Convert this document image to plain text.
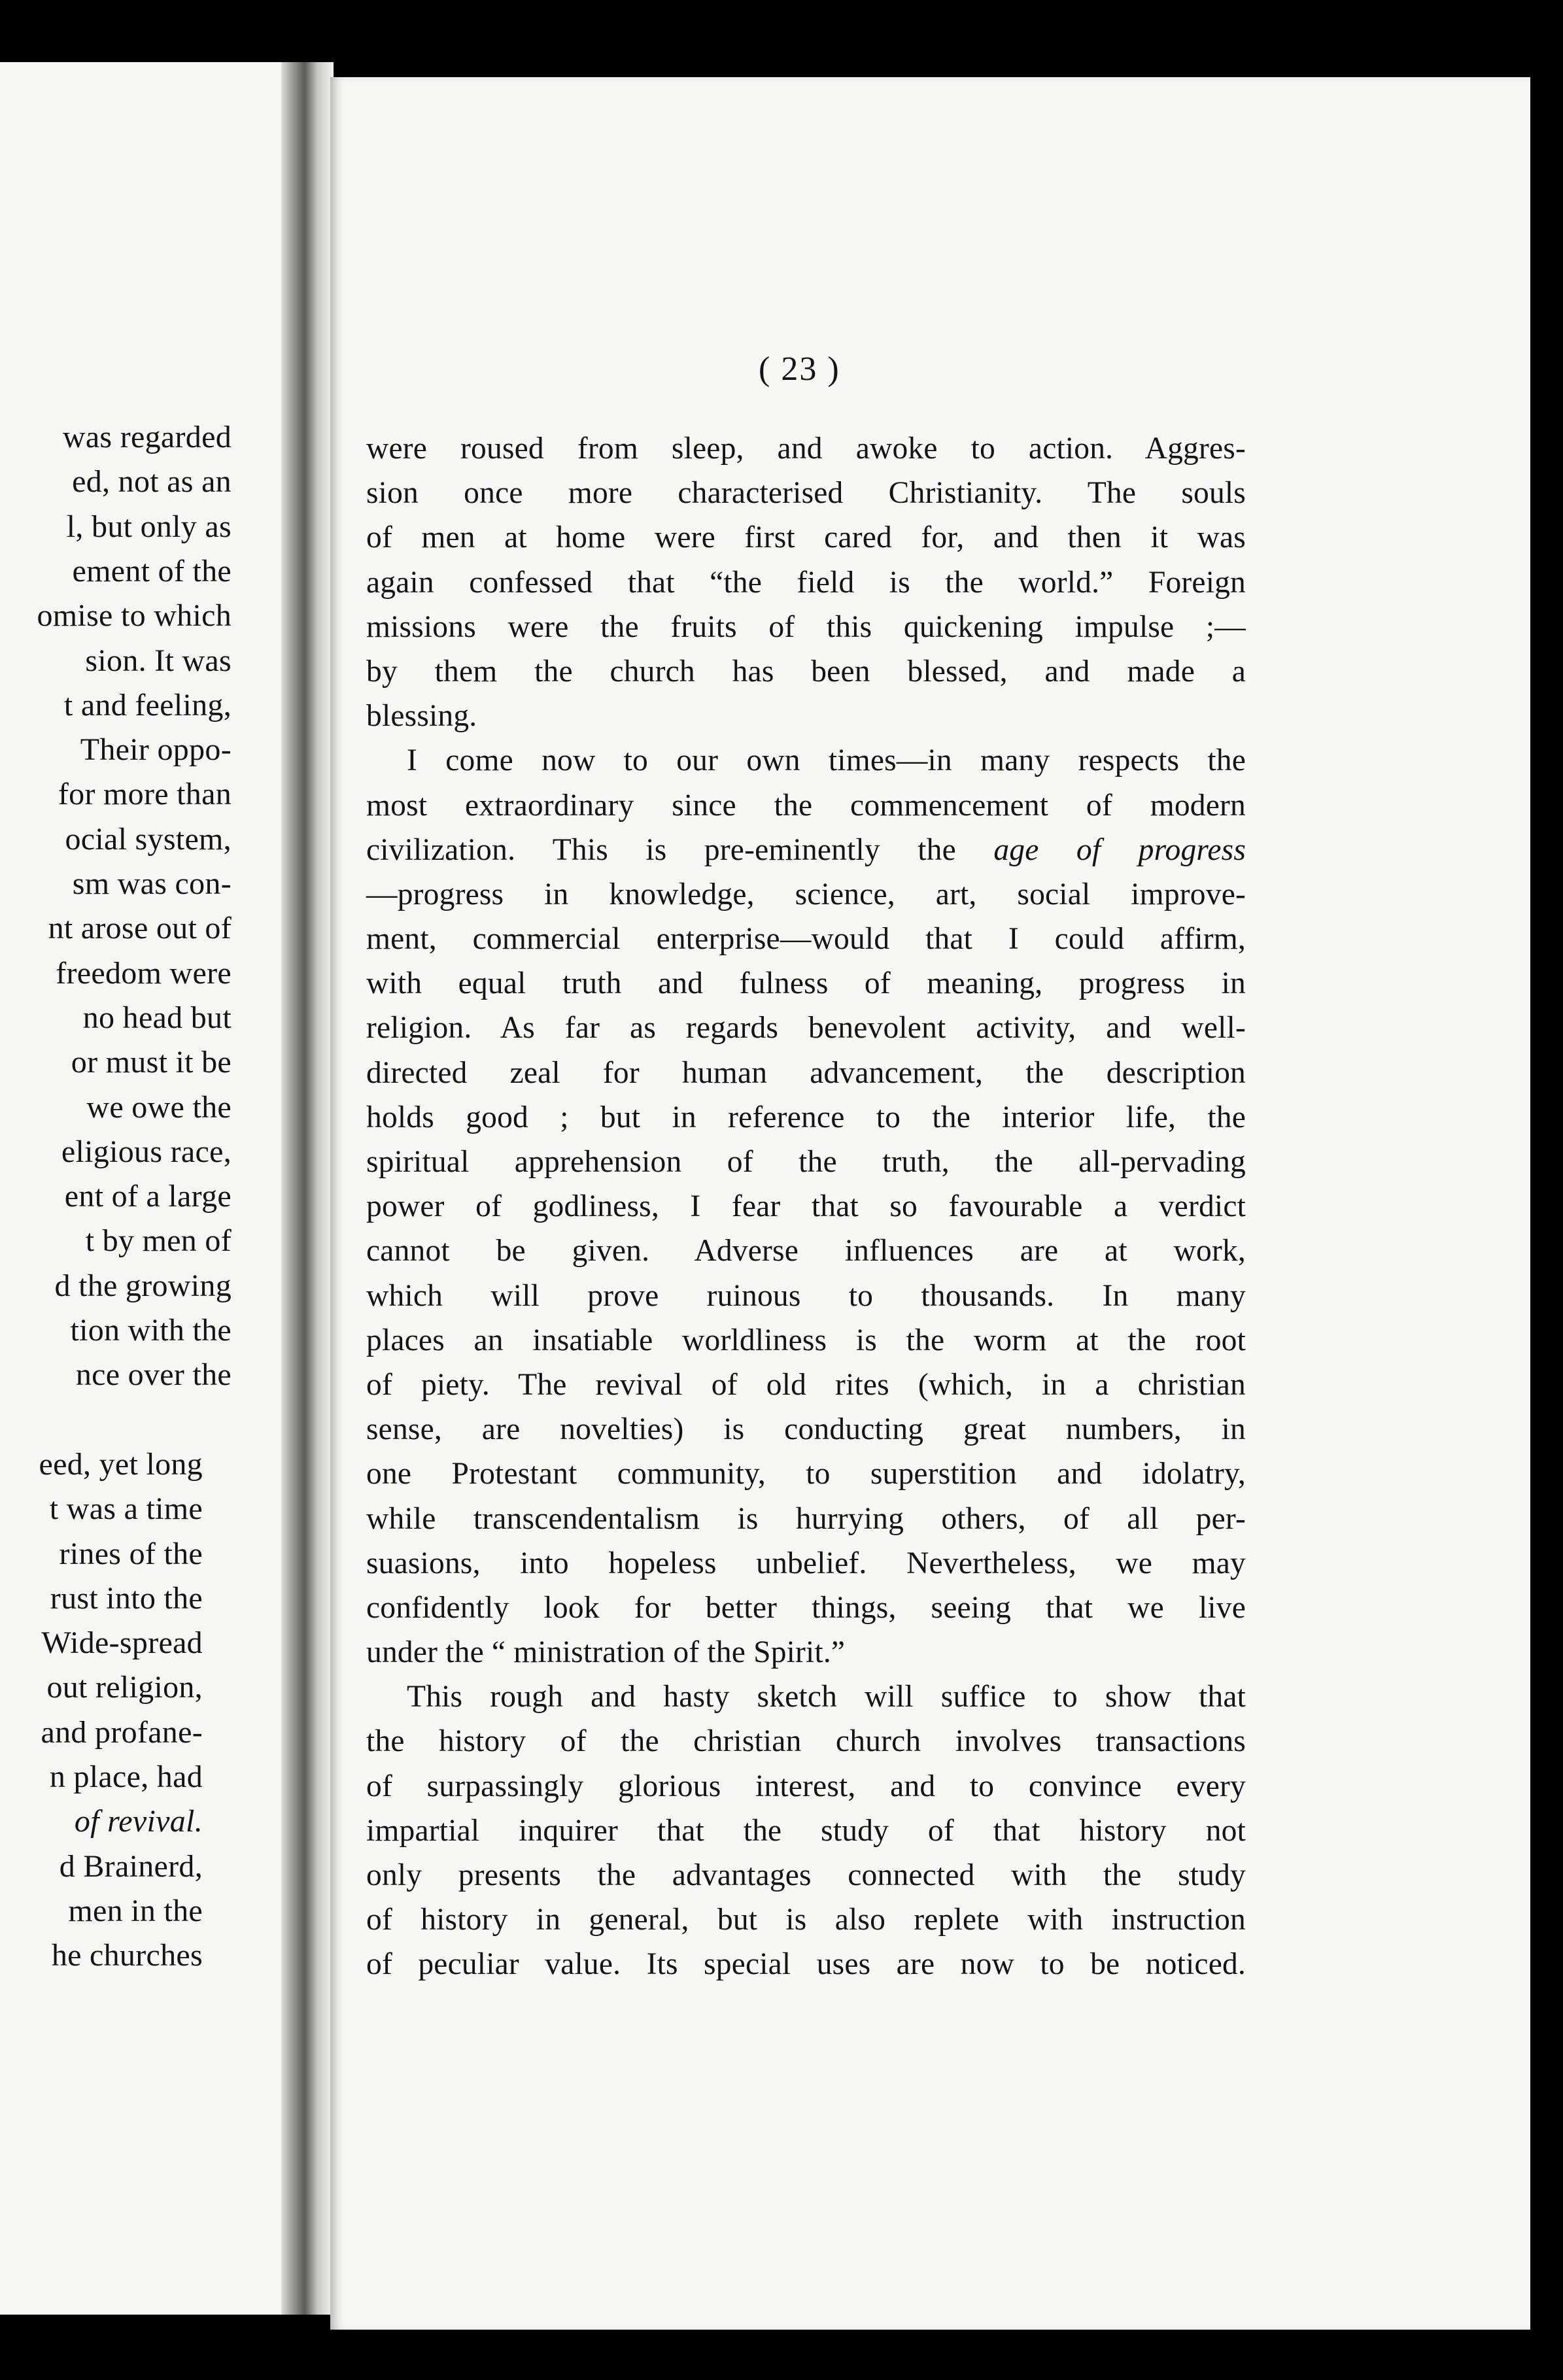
was regarded
ed, not as an
l, but only as
ement of the
omise to which
sion. It was
t and feeling,
Their oppo-
for more than
ocial system,
sm was con-
nt arose out of
freedom were
no head but
or must it be
we owe the
eligious race,
ent of a large
t by men of
d the growing
tion with the
nce over the
eed, yet long
t was a time
rines of the
rust into the
Wide-spread
out religion,
and profane-
n place, had
of revival.
d Brainerd,
men in the
he churches
( 23 )

were roused from sleep, and awoke to action. Aggres-
sion once more characterised Christianity. The souls
of men at home were first cared for, and then it was
again confessed that “the field is the world.” Foreign
missions were the fruits of this quickening impulse ;—
by them the church has been blessed, and made a
blessing.

I come now to our own times—in many respects the
most extraordinary since the commencement of modern
civilization. This is pre-eminently the age of progress
—progress in knowledge, science, art, social improve-
ment, commercial enterprise—would that I could affirm,
with equal truth and fulness of meaning, progress in
religion. As far as regards benevolent activity, and well-
directed zeal for human advancement, the description
holds good ; but in reference to the interior life, the
spiritual apprehension of the truth, the all-pervading
power of godliness, I fear that so favourable a verdict
cannot be given. Adverse influences are at work,
which will prove ruinous to thousands. In many
places an insatiable worldliness is the worm at the root
of piety. The revival of old rites (which, in a christian
sense, are novelties) is conducting great numbers, in
one Protestant community, to superstition and idolatry,
while transcendentalism is hurrying others, of all per-
suasions, into hopeless unbelief. Nevertheless, we may
confidently look for better things, seeing that we live
under the “ ministration of the Spirit.”

This rough and hasty sketch will suffice to show that
the history of the christian church involves transactions
of surpassingly glorious interest, and to convince every
impartial inquirer that the study of that history not
only presents the advantages connected with the study
of history in general, but is also replete with instruction
of peculiar value. Its special uses are now to be noticed.
